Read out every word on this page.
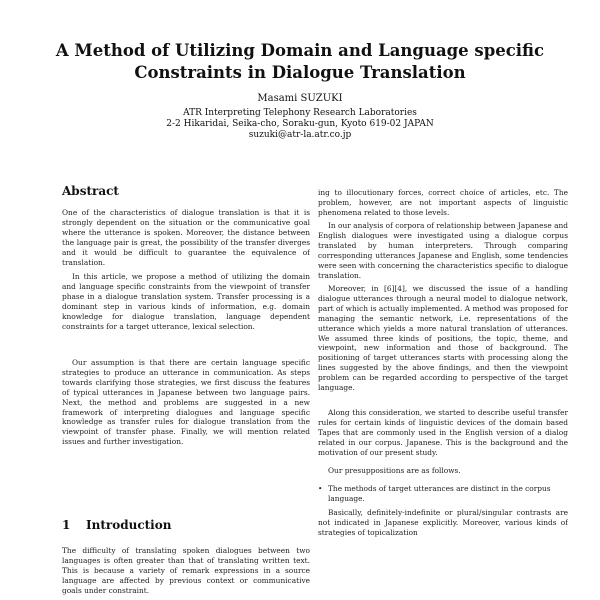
A Method of Utilizing Domain and Language specific
Constraints in Dialogue Translation
Masami SUZUKI
ATR Interpreting Telephony Research Laboratories
2-2 Hikaridai, Seika-cho, Soraku-gun, Kyoto 619-02 JAPAN
suzuki@atr-la.atr.co.jp
Abstract
One of the characteristics of dialogue translation is that it is strongly dependent on the situation or the communicative goal where the utterance is spoken. Moreover, the distance between the language pair is great, the possibility of the transfer diverges and it would be difficult to guarantee the equivalence of translation.
In this article, we propose a method of utilizing the domain and language specific constraints from the viewpoint of transfer phase in a dialogue translation system. Transfer processing is a dominant step in various kinds of information, e.g. domain knowledge for dialogue translation, language dependent constraints for a target utterance, lexical selection.
Our assumption is that there are certain language specific strategies to produce an utterance in communication. As steps towards clarifying those strategies, we first discuss the features of typical utterances in Japanese between two language pairs. Next, the method and problems are suggested in a new framework of interpreting dialogues and language specific knowledge as transfer rules for dialogue translation from the viewpoint of transfer phase. Finally, we will mention related issues and further investigation.
1 Introduction
The difficulty of translating spoken dialogues between two languages is often greater than that of translating written text. This is because a variety of remark expressions in a source language are affected by previous context or communicative goals under constraint.
ing to illocutionary forces, correct choice of articles, etc. The problem, however, are not important aspects of linguistic phenomena related to those levels.
In our analysis of corpora of relationship between Japanese and English dialogues were investigated using a dialogue corpus translated by human interpreters. Through comparing corresponding utterances Japanese and English, some tendencies were seen with concerning the characteristics specific to dialogue translation.
Moreover, in [6][4], we discussed the issue of a handling dialogue utterances through a neural model to dialogue network, part of which is actually implemented. A method was proposed for managing the semantic network, i.e. representations of the utterance which yields a more natural translation of utterances. We assumed three kinds of positions, the topic, theme, and viewpoint, new information and those of background. The positioning of target utterances starts with processing along the lines suggested by the above findings, and then the viewpoint problem can be regarded according to perspective of the target language.
Along this consideration, we started to describe useful transfer rules for certain kinds of linguistic devices of the domain based Tapes that are commonly used in the English version of a dialog related in our corpus. Japanese. This is the background and the motivation of our present study.
Our presuppositions are as follows.
• The methods of target utterances are distinct in the corpus language.
Basically, definitely-indefinite or plural/singular contrasts are not indicated in Japanese explicitly. Moreover, various kinds of strategies of topicalization
